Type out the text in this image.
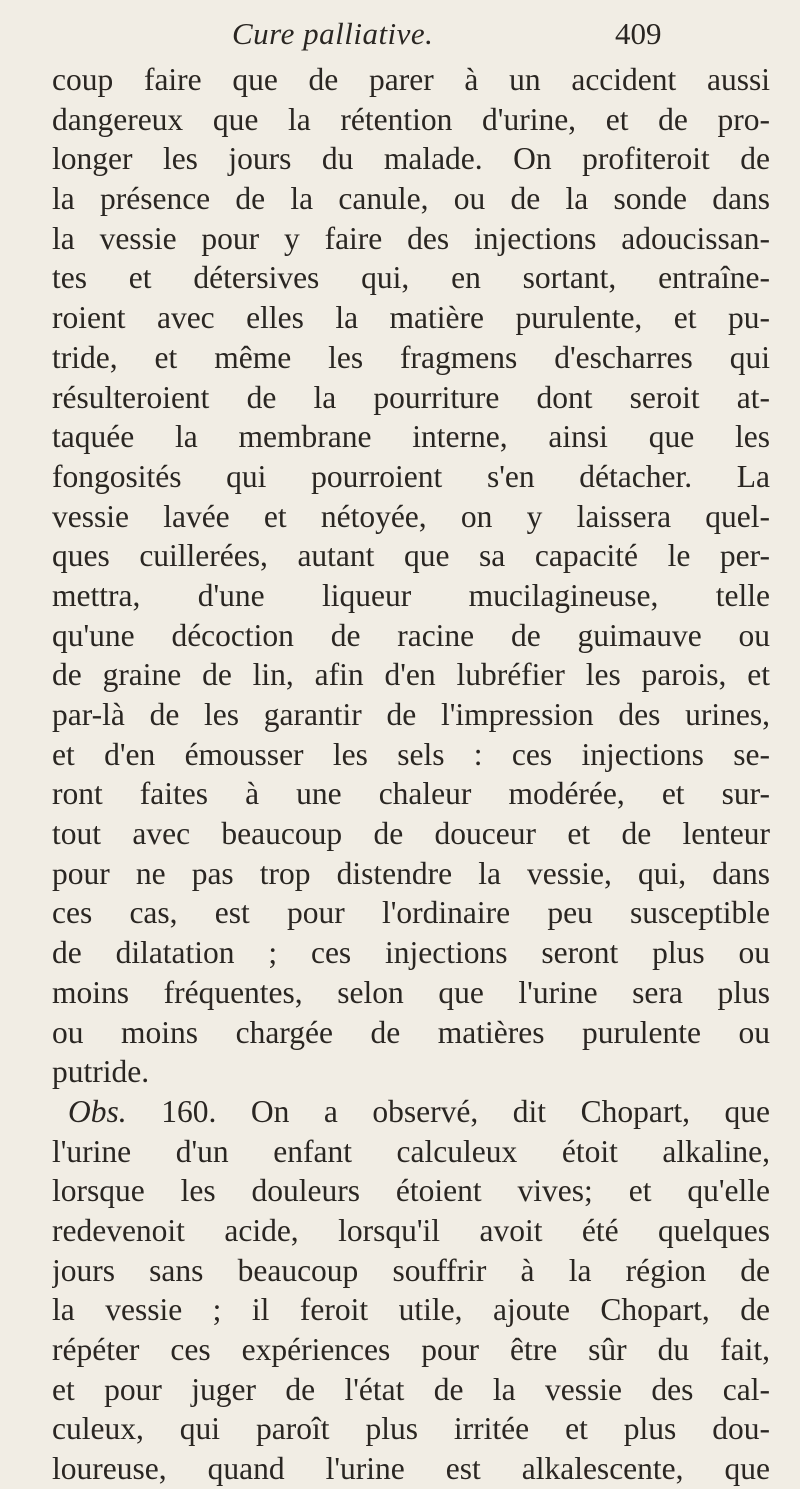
Cure palliative.	409
coup faire que de parer à un accident aussi
dangereux que la rétention d'urine, et de pro-
longer les jours du malade. On profiteroit de
la présence de la canule, ou de la sonde dans
la vessie pour y faire des injections adoucissan-
tes et détersives qui, en sortant, entraîne-
roient avec elles la matière purulente, et pu-
tride, et même les fragmens d'escharres qui
résulteroient de la pourriture dont seroit at-
taquée la membrane interne, ainsi que les
fongosités qui pourroient s'en détacher. La
vessie lavée et nétoyée, on y laissera quel-
ques cuillerées, autant que sa capacité le per-
mettra, d'une liqueur mucilagineuse, telle
qu'une décoction de racine de guimauve ou
de graine de lin, afin d'en lubréfier les parois, et
par-là de les garantir de l'impression des urines,
et d'en émousser les sels : ces injections se-
ront faites à une chaleur modérée, et sur-
tout avec beaucoup de douceur et de lenteur
pour ne pas trop distendre la vessie, qui, dans
ces cas, est pour l'ordinaire peu susceptible
de dilatation ; ces injections seront plus ou
moins fréquentes, selon que l'urine sera plus
ou moins chargée de matières purulente ou
putride.
Obs. 160. On a observé, dit Chopart, que
l'urine d'un enfant calculeux étoit alkaline,
lorsque les douleurs étoient vives; et qu'elle
redevenoit acide, lorsqu'il avoit été quelques
jours sans beaucoup souffrir à la région de
la vessie ; il feroit utile, ajoute Chopart, de
répéter ces expériences pour être sûr du fait,
et pour juger de l'état de la vessie des cal-
culeux, qui paroît plus irritée et plus dou-
loureuse, quand l'urine est alkalescente, que
